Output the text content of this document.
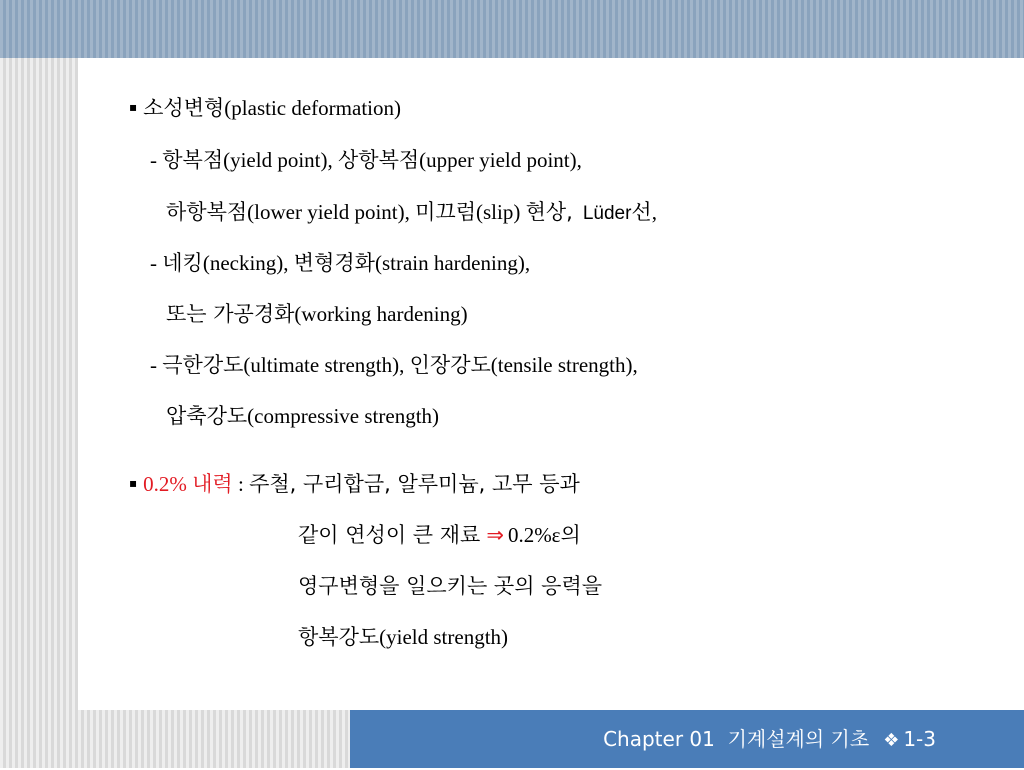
▪ 소성변형(plastic deformation)
- 항복점(yield point), 상항복점(upper yield point),
하항복점(lower yield point), 미끄럼(slip) 현상, Lüder선,
- 네킹(necking), 변형경화(strain hardening),
또는 가공경화(working hardening)
- 극한강도(ultimate strength), 인장강도(tensile strength),
압축강도(compressive strength)
▪ 0.2% 내력 : 주철, 구리합금, 알루미늄, 고무 등과
같이 연성이 큰 재료 ⇒ 0.2%ε의
영구변형을 일으키는 곳의 응력을
항복강도(yield strength)
Chapter 01 기계설계의 기초 ❖ 1-3
